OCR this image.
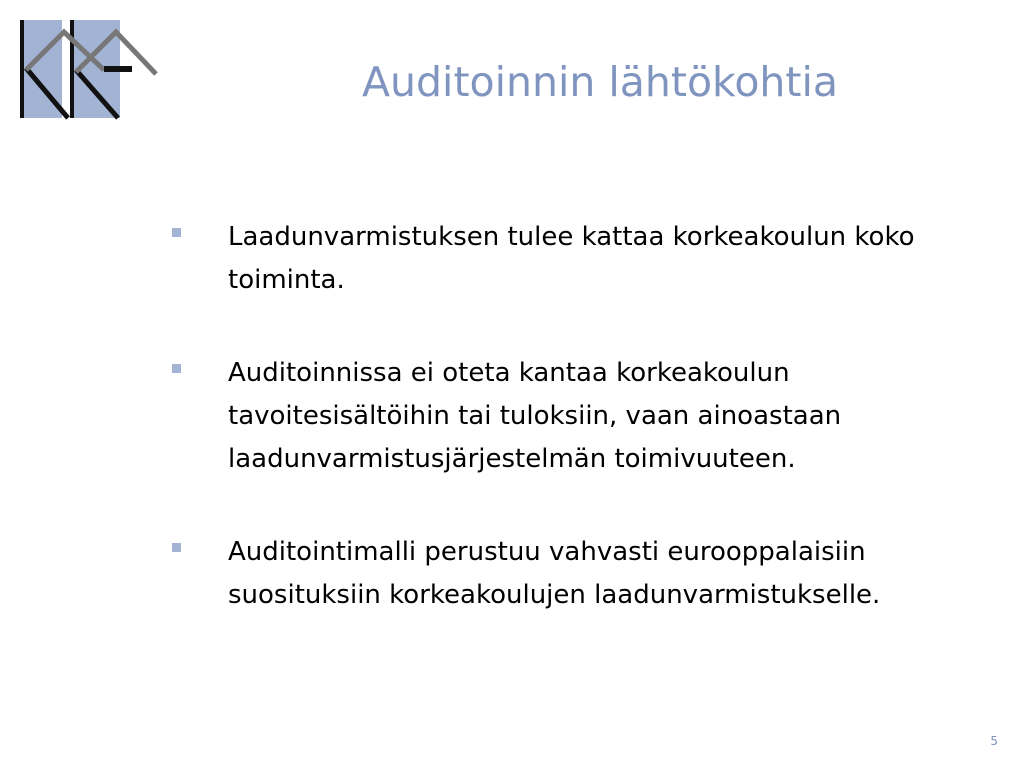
Auditoinnin lähtökohtia
Laadunvarmistuksen tulee kattaa korkeakoulun koko toiminta.
Auditoinnissa ei oteta kantaa korkeakoulun tavoitesisältöihin tai tuloksiin, vaan ainoastaan laadunvarmistusjärjestelmän toimivuuteen.
Auditointimalli perustuu vahvasti eurooppalaisiin suosituksiin korkeakoulujen laadunvarmistukselle.
5
